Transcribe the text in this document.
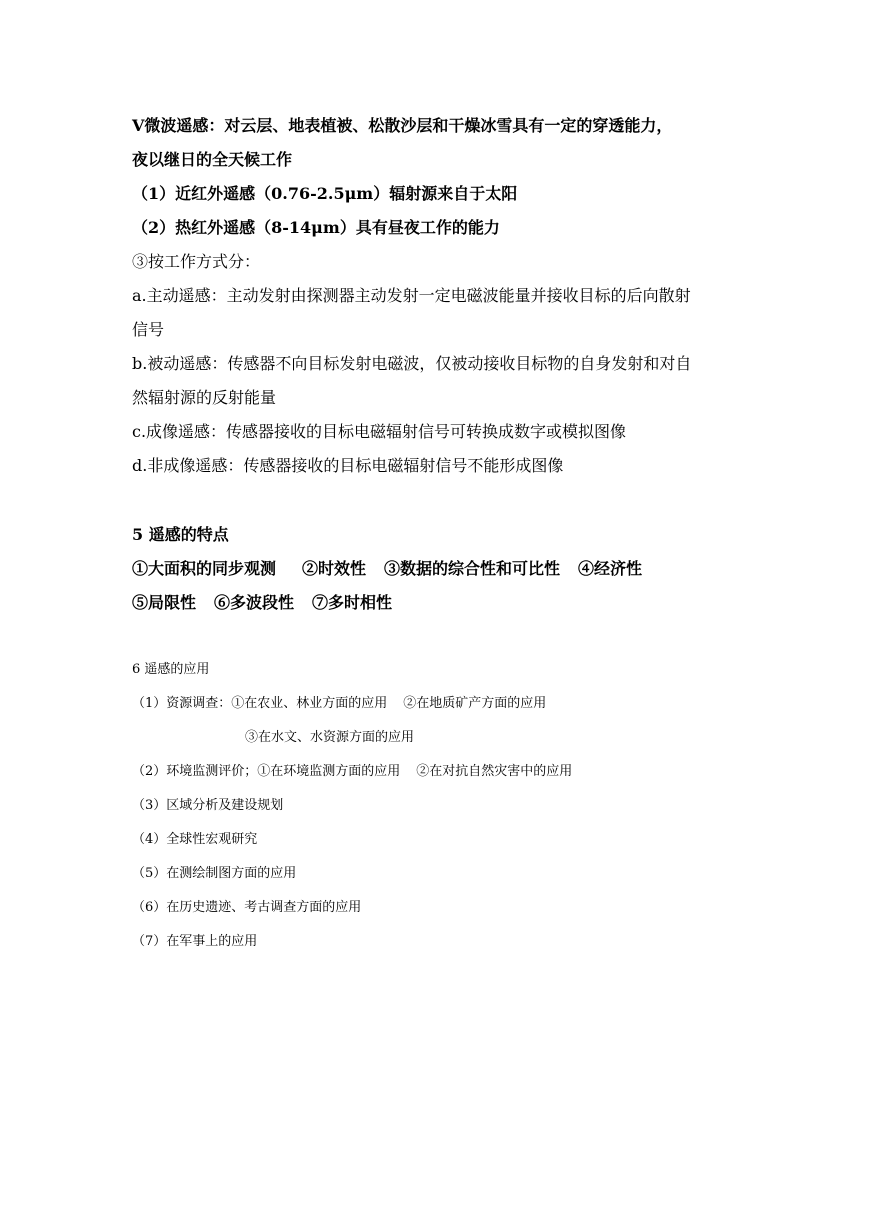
Ⅴ微波遥感：对云层、地表植被、松散沙层和干燥冰雪具有一定的穿透能力，
夜以继日的全天候工作
（1）近红外遥感（0.76-2.5μm）辐射源来自于太阳
（2）热红外遥感（8-14μm）具有昼夜工作的能力
③按工作方式分：
a.主动遥感：主动发射由探测器主动发射一定电磁波能量并接收目标的后向散射
信号
b.被动遥感：传感器不向目标发射电磁波，仅被动接收目标物的自身发射和对自
然辐射源的反射能量
c.成像遥感：传感器接收的目标电磁辐射信号可转换成数字或模拟图像
d.非成像遥感：传感器接收的目标电磁辐射信号不能形成图像
5 遥感的特点
①大面积的同步观测 ②时效性 ③数据的综合性和可比性 ④经济性
⑤局限性 ⑥多波段性 ⑦多时相性
6 遥感的应用
（1）资源调查：①在农业、林业方面的应用 ②在地质矿产方面的应用
③在水文、水资源方面的应用
（2）环境监测评价；①在环境监测方面的应用 ②在对抗自然灾害中的应用
（3）区域分析及建设规划
（4）全球性宏观研究
（5）在测绘制图方面的应用
（6）在历史遗迹、考古调查方面的应用
（7）在军事上的应用
